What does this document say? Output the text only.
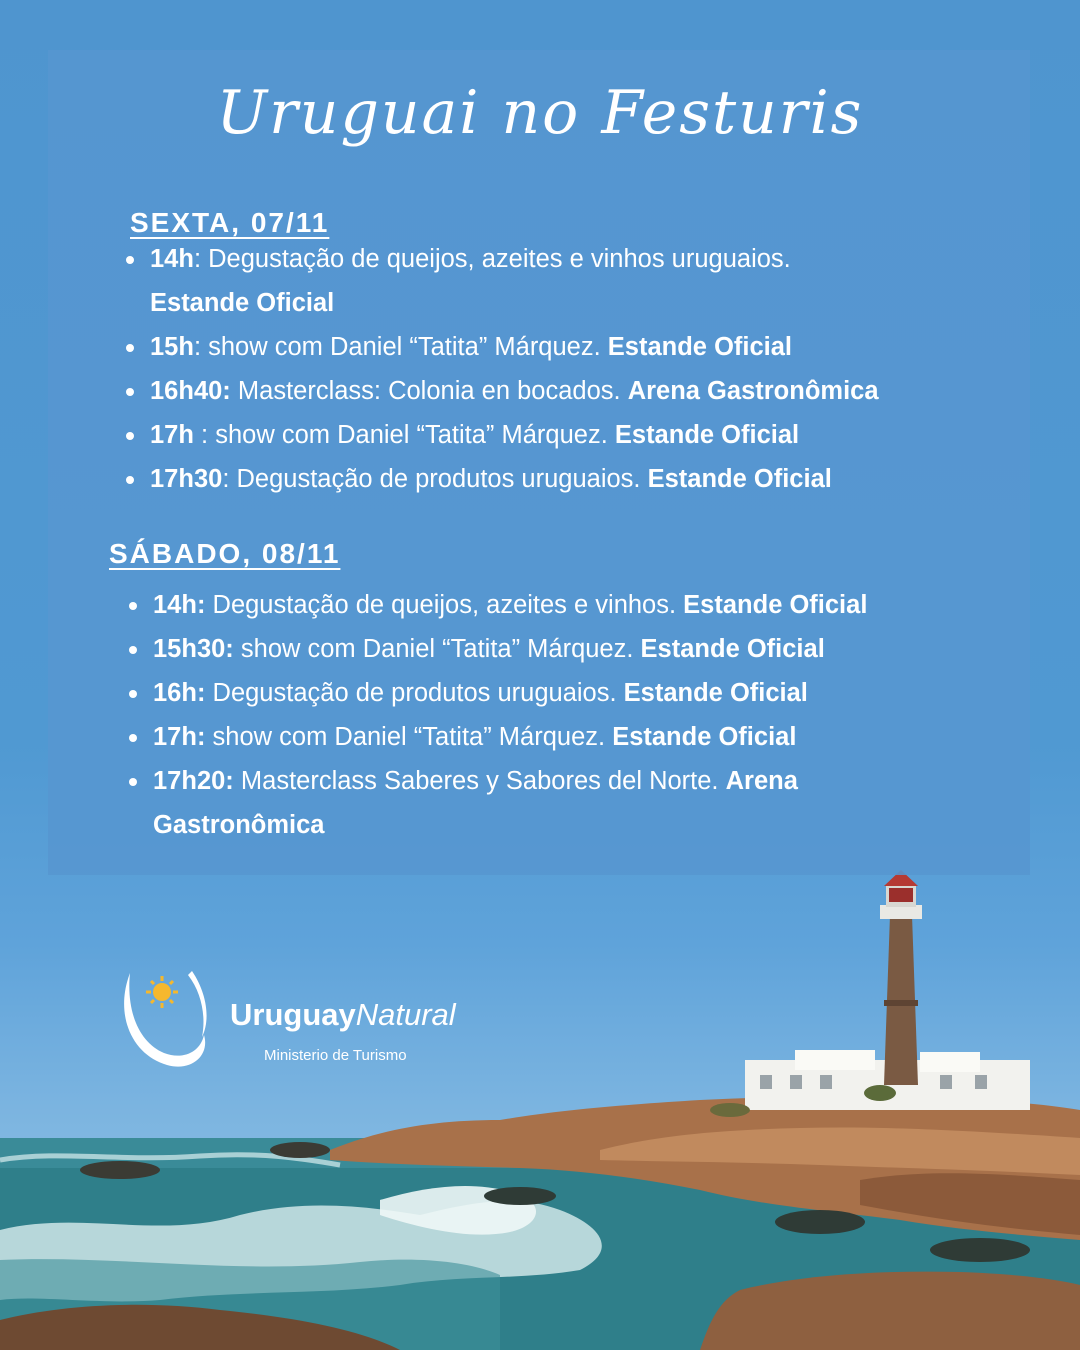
Uruguai no Festuris
SEXTA, 07/11
14h: Degustação de queijos, azeites e vinhos uruguaios.
Estande Oficial
15h: show com Daniel “Tatita” Márquez. Estande Oficial
16h40: Masterclass: Colonia en bocados. Arena Gastronômica
17h : show com Daniel “Tatita” Márquez. Estande Oficial
17h30: Degustação de produtos uruguaios. Estande Oficial
SÁBADO, 08/11
14h: Degustação de queijos, azeites e vinhos. Estande Oficial
15h30: show com Daniel “Tatita” Márquez. Estande Oficial
16h: Degustação de produtos uruguaios. Estande Oficial
17h: show com Daniel “Tatita” Márquez. Estande Oficial
17h20: Masterclass Saberes y Sabores del Norte. Arena
Gastronômica
UruguayNatural
Ministerio de Turismo
